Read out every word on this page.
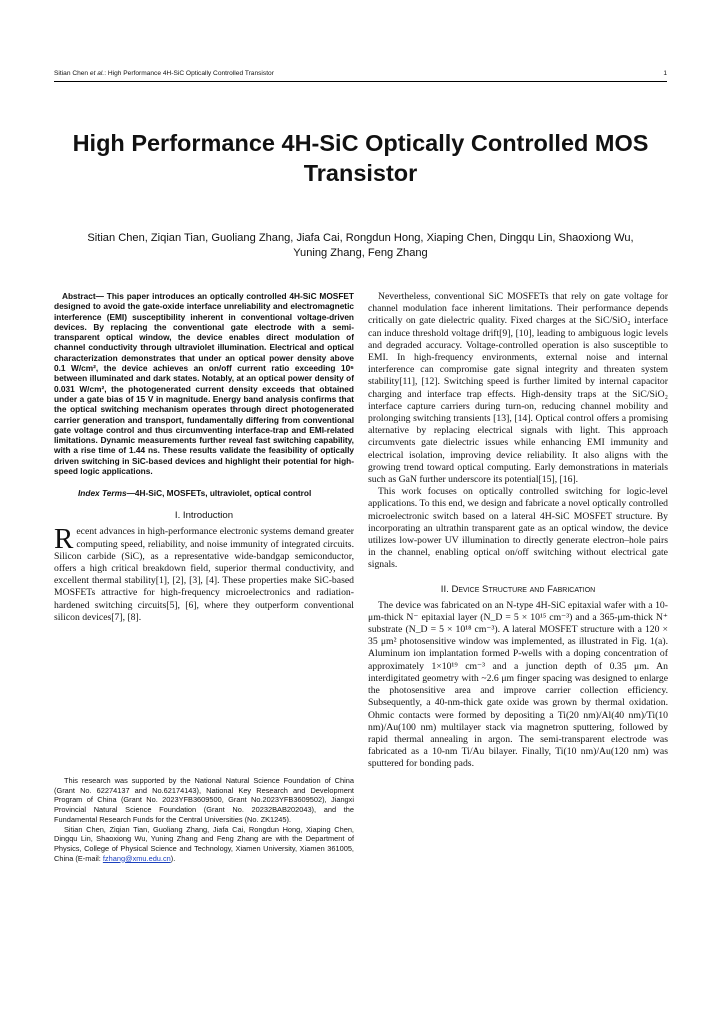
Sitian Chen et al.: High Performance 4H-SiC Optically Controlled Transistor	1
High Performance 4H-SiC Optically Controlled MOS Transistor
Sitian Chen, Ziqian Tian, Guoliang Zhang, Jiafa Cai, Rongdun Hong, Xiaping Chen, Dingqu Lin, Shaoxiong Wu, Yuning Zhang, Feng Zhang

Abstract— This paper introduces an optically controlled 4H-SiC MOSFET designed to avoid the gate-oxide interface unreliability and electromagnetic interference (EMI) susceptibility inherent in conventional voltage-driven devices. By replacing the conventional gate electrode with a semi-transparent optical window, the device enables direct modulation of channel conductivity through ultraviolet illumination. Electrical and optical characterization demonstrates that under an optical power density above 0.1 W/cm², the device achieves an on/off current ratio exceeding 10⁶ between illuminated and dark states. Notably, at an optical power density of 0.031 W/cm², the photogenerated current density exceeds that obtained under a gate bias of 15 V in magnitude. Energy band analysis confirms that the optical switching mechanism operates through direct photogenerated carrier generation and transport, fundamentally differing from conventional gate voltage control and thus circumventing interface-trap and EMI-related limitations. Dynamic measurements further reveal fast switching capability, with a rise time of 1.44 ns. These results validate the feasibility of optically driven switching in SiC-based devices and highlight their potential for high-speed logic applications.

Index Terms—4H-SiC, MOSFETs, ultraviolet, optical control

I. Introduction

Recent advances in high-performance electronic systems demand greater computing speed, reliability, and noise immunity of integrated circuits. Silicon carbide (SiC), as a representative wide-bandgap semiconductor, offers a high critical breakdown field, superior thermal conductivity, and excellent thermal stability[1], [2], [3], [4]. These properties make SiC-based MOSFETs attractive for high-frequency microelectronics and radiation-hardened switching circuits[5], [6], where they outperform conventional silicon devices[7], [8].

This research was supported by the National Natural Science Foundation of China (Grant No. 62274137 and No.62174143), National Key Research and Development Program of China (Grant No. 2023YFB3609500, Grant No.2023YFB3609502), Jiangxi Provincial Natural Science Foundation (Grant No. 20232BAB202043), and the Fundamental Research Funds for the Central Universities (No. ZK1245).

Sitian Chen, Ziqian Tian, Guoliang Zhang, Jiafa Cai, Rongdun Hong, Xiaping Chen, Dingqu Lin, Shaoxiong Wu, Yuning Zhang and Feng Zhang are with the Department of Physics, College of Physical Science and Technology, Xiamen University, Xiamen 361005, China (E-mail: fzhang@xmu.edu.cn).

Nevertheless, conventional SiC MOSFETs that rely on gate voltage for channel modulation face inherent limitations. Their performance depends critically on gate dielectric quality. Fixed charges at the SiC/SiO₂ interface can induce threshold voltage drift[9], [10], leading to ambiguous logic levels and degraded accuracy. Voltage-controlled operation is also susceptible to EMI. In high-frequency environments, external noise and internal interference can compromise gate signal integrity and threaten system stability[11], [12]. Switching speed is further limited by internal capacitor charging and interface trap effects. High-density traps at the SiC/SiO₂ interface capture carriers during turn-on, reducing channel mobility and prolonging switching transients [13], [14]. Optical control offers a promising alternative by replacing electrical signals with light. This approach circumvents gate dielectric issues while enhancing EMI immunity and electrical isolation, improving device reliability. It also aligns with the growing trend toward optical computing. Early demonstrations in materials such as GaN further underscore its potential[15], [16].

This work focuses on optically controlled switching for logic-level applications. To this end, we design and fabricate a novel optically controlled microelectronic switch based on a lateral 4H-SiC MOSFET structure. By incorporating an ultrathin transparent gate as an optical window, the device utilizes low-power UV illumination to directly generate electron–hole pairs in the channel, enabling optical on/off switching without electrical gate signals.

II. Device Structure and Fabrication

The device was fabricated on an N-type 4H-SiC epitaxial wafer with a 10-μm-thick N⁻ epitaxial layer (N_D = 5 × 10¹⁵ cm⁻³) and a 365-μm-thick N⁺ substrate (N_D = 5 × 10¹⁸ cm⁻³). A lateral MOSFET structure with a 120 × 35 μm² photosensitive window was implemented, as illustrated in Fig. 1(a). Aluminum ion implantation formed P-wells with a doping concentration of approximately 1×10¹⁹ cm⁻³ and a junction depth of 0.35 μm. An interdigitated geometry with ~2.6 μm finger spacing was designed to enlarge the photosensitive area and improve carrier collection efficiency. Subsequently, a 40-nm-thick gate oxide was grown by thermal oxidation. Ohmic contacts were formed by depositing a Ti(20 nm)/Al(40 nm)/Ti(10 nm)/Au(100 nm) multilayer stack via magnetron sputtering, followed by rapid thermal annealing in argon. The semi-transparent electrode was fabricated as a 10-nm Ti/Au bilayer. Finally, Ti(10 nm)/Au(120 nm) was sputtered for bonding pads.
